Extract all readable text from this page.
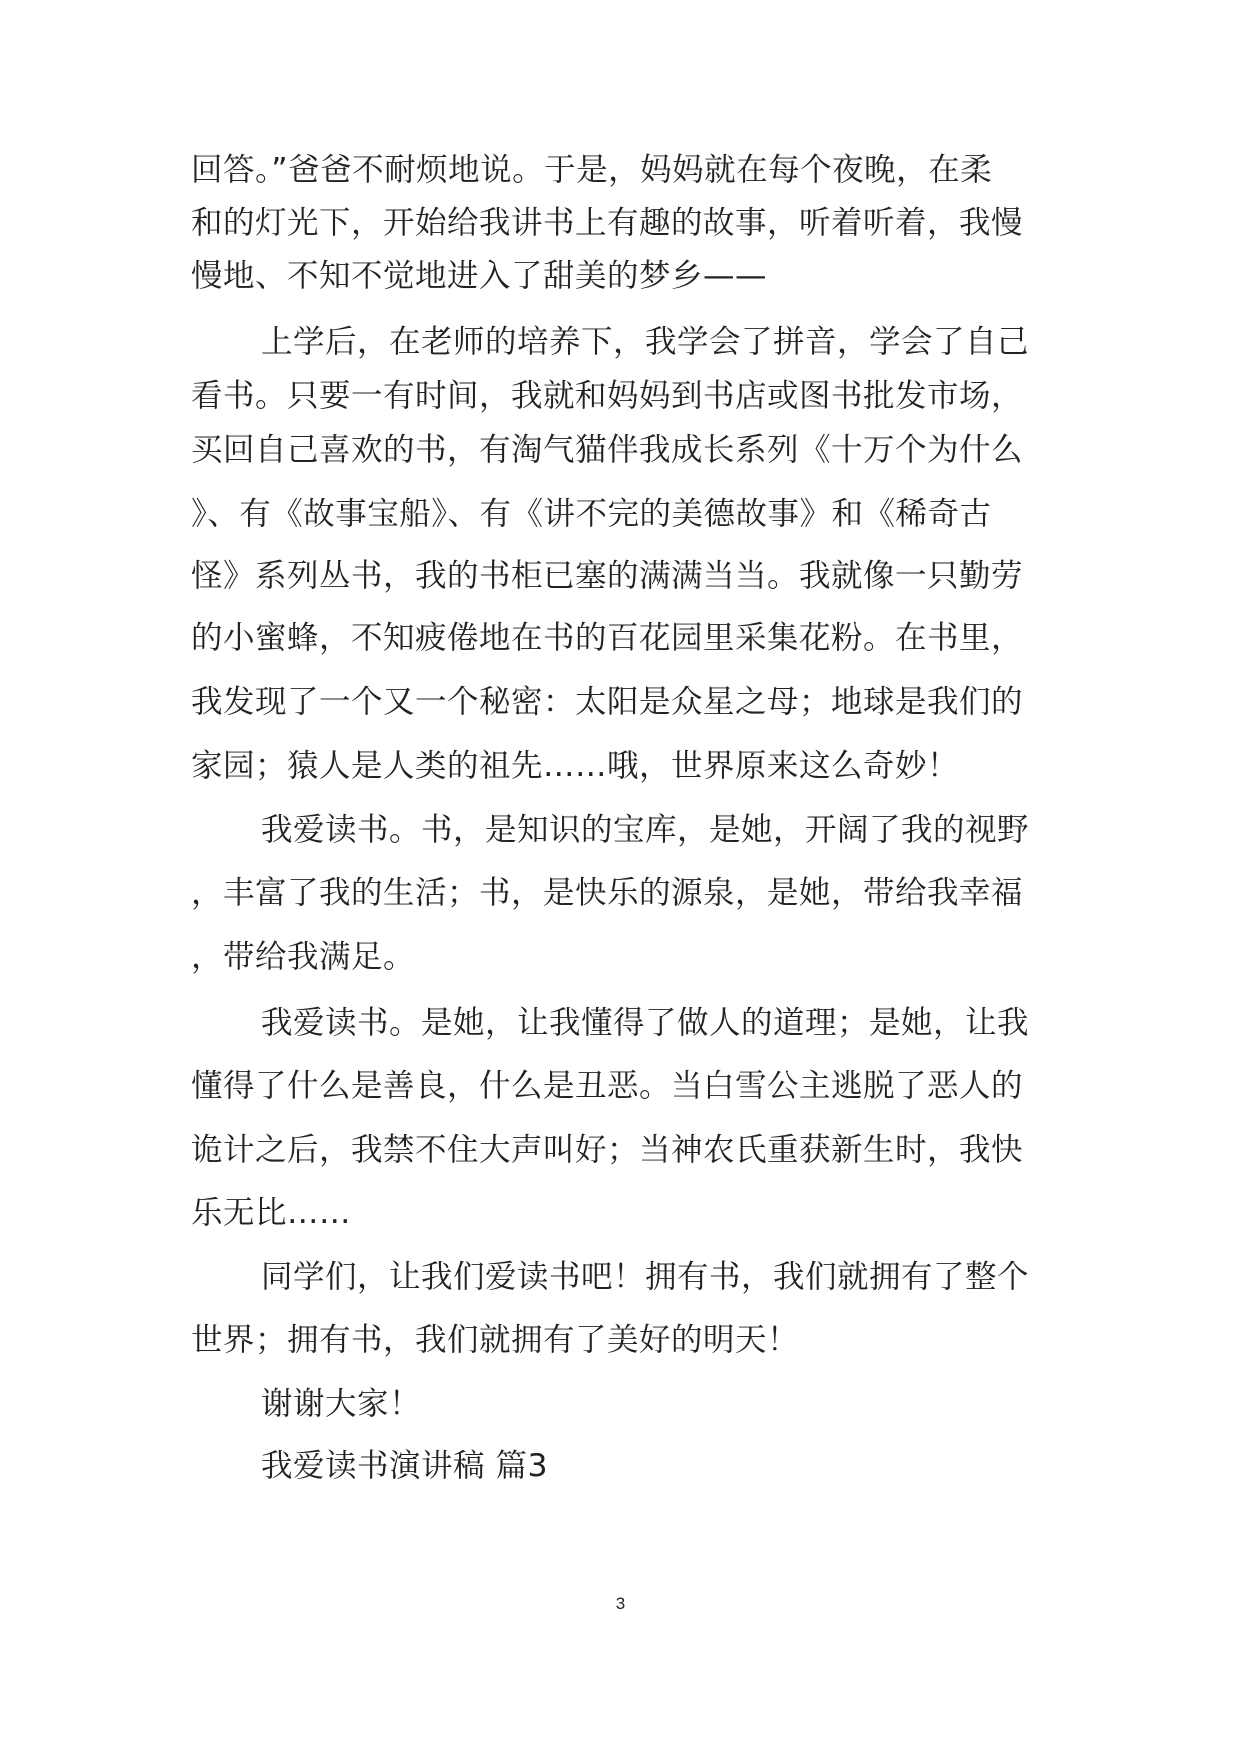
回答。”爸爸不耐烦地说。于是，妈妈就在每个夜晚，在柔
和的灯光下，开始给我讲书上有趣的故事，听着听着，我慢
慢地、不知不觉地进入了甜美的梦乡——
上学后，在老师的培养下，我学会了拼音，学会了自己
看书。只要一有时间，我就和妈妈到书店或图书批发市场，
买回自己喜欢的书，有淘气猫伴我成长系列《十万个为什么
》、有《故事宝船》、有《讲不完的美德故事》和《稀奇古
怪》系列丛书，我的书柜已塞的满满当当。我就像一只勤劳
的小蜜蜂，不知疲倦地在书的百花园里采集花粉。在书里，
我发现了一个又一个秘密：太阳是众星之母；地球是我们的
家园；猿人是人类的祖先……哦，世界原来这么奇妙！
我爱读书。书，是知识的宝库，是她，开阔了我的视野
，丰富了我的生活；书，是快乐的源泉，是她，带给我幸福
，带给我满足。
我爱读书。是她，让我懂得了做人的道理；是她，让我
懂得了什么是善良，什么是丑恶。当白雪公主逃脱了恶人的
诡计之后，我禁不住大声叫好；当神农氏重获新生时，我快
乐无比……
同学们，让我们爱读书吧！拥有书，我们就拥有了整个
世界；拥有书，我们就拥有了美好的明天！
谢谢大家！
我爱读书演讲稿 篇3
3
